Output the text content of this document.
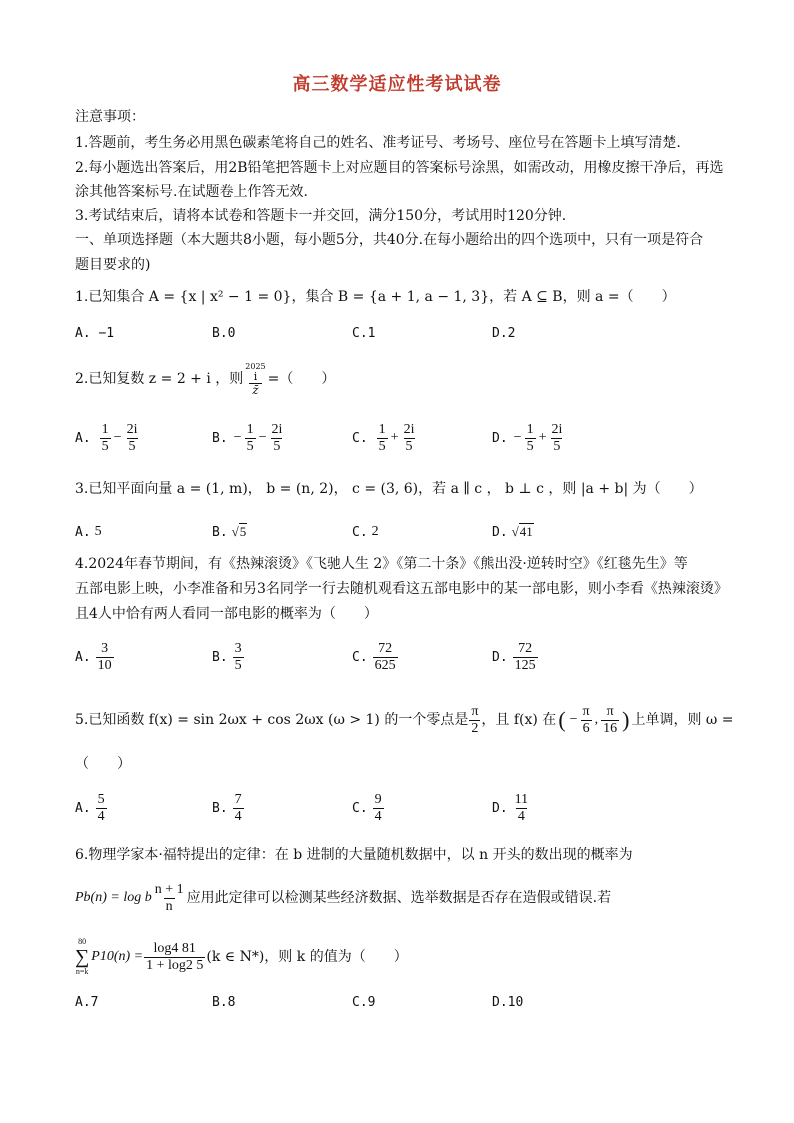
高三数学适应性考试试卷
注意事项：
1.答题前，考生务必用黑色碳素笔将自己的姓名、准考证号、考场号、座位号在答题卡上填写清楚.
2.每小题选出答案后，用2B铅笔把答题卡上对应题目的答案标号涂黑，如需改动，用橡皮擦干净后，再选
涂其他答案标号.在试题卷上作答无效.
3.考试结束后，请将本试卷和答题卡一并交回，满分150分，考试用时120分钟.
一、单项选择题（本大题共8小题，每小题5分，共40分.在每小题给出的四个选项中，只有一项是符合
题目要求的)
1.已知集合 A = {x | x² − 1 = 0}，集合 B = {a + 1, a − 1, 3}，若 A ⊆ B，则 a =（　　）
A. −1	B.0	C.1	D.2
2.已知复数 z = 2 + i ，则
2025
i
z̄
=（　　）
A. $\frac{1}{5} - \frac{2i}{5}$	B. − $\frac{1}{5} - \frac{2i}{5}$	C. $\frac{1}{5} + \frac{2i}{5}$	D. − $\frac{1}{5} + \frac{2i}{5}$
3.已知平面向量 a = (1, m)， b = (n, 2)， c = (3, 6)，若 a ∥ c ， b ⊥ c ，则 |a + b| 为（　　）
A. 5	B. √5	C. 2	D. √41
4.2024年春节期间，有《热辣滚烫》《飞驰人生 2》《第二十条》《熊出没·逆转时空》《红毯先生》等
五部电影上映，小李准备和另3名同学一行去随机观看这五部电影中的某一部电影，则小李看《热辣滚烫》
且4人中恰有两人看同一部电影的概率为（　　）
A. $\frac{3}{10}$	B. $\frac{3}{5}$	C. $\frac{72}{625}$	D. $\frac{72}{125}$
5.已知函数 f(x) = sin 2ωx + cos 2ωx (ω > 1) 的一个零点是 $\frac{\pi}{2}$ ，且 f(x) 在 ( − $\frac{\pi}{6}$ , $\frac{\pi}{16}$ ) 上单调，则 ω =
（　　）
A. $\frac{5}{4}$	B. $\frac{7}{4}$	C. $\frac{9}{4}$	D. $\frac{11}{4}$
6.物理学家本·福特提出的定律：在 b 进制的大量随机数据中，以 n 开头的数出现的概率为
Pb(n) = log b $\frac{n + 1}{n}$ 应用此定律可以检测某些经济数据、选举数据是否存在造假或错误.若
80
∑
n=k
$P10(n) = \frac{\log 4 81}{1 + \log 2 5} (k$ ∈ N*)，则 k 的值为（　　）
A.7	B.8	C.9	D.10
